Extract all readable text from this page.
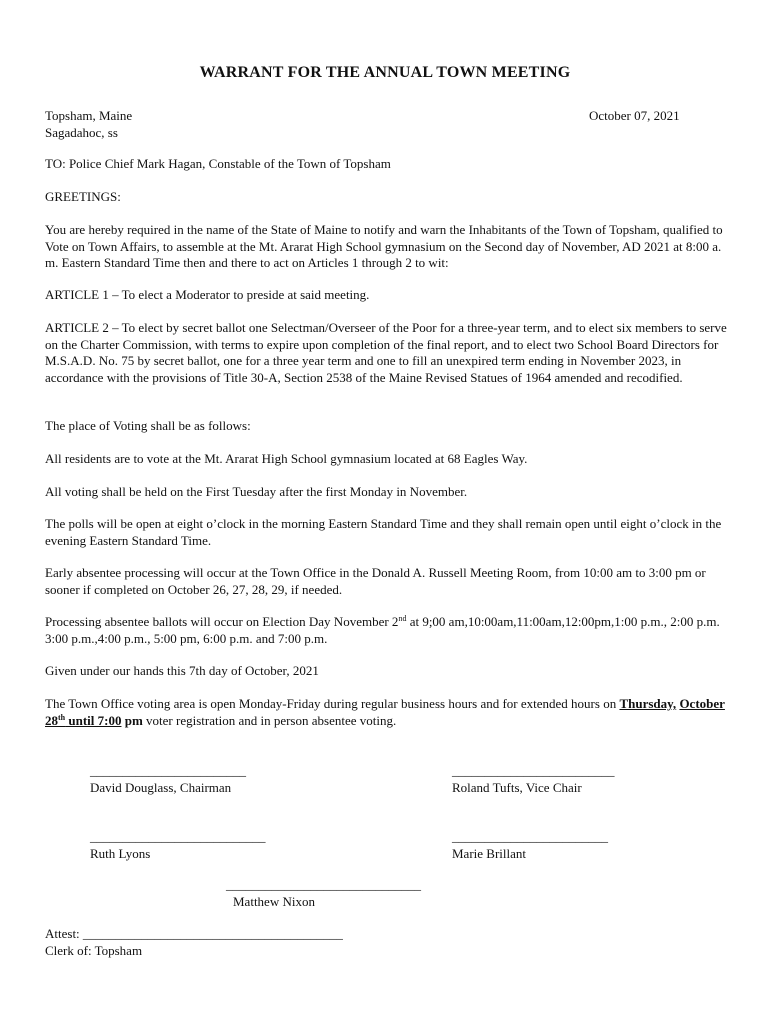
WARRANT FOR THE ANNUAL TOWN MEETING
Topsham, Maine
Sagadahoc, ss
October 07, 2021

TO: Police Chief Mark Hagan, Constable of the Town of Topsham

GREETINGS:

You are hereby required in the name of the State of Maine to notify and warn the Inhabitants of the Town of Topsham, qualified to Vote on Town Affairs, to assemble at the Mt. Ararat High School gymnasium on the Second day of November, AD 2021 at 8:00 a. m. Eastern Standard Time then and there to act on Articles 1 through 2 to wit:

ARTICLE 1 – To elect a Moderator to preside at said meeting.

ARTICLE 2 – To elect by secret ballot one Selectman/Overseer of the Poor for a three-year term, and to elect six members to serve on the Charter Commission, with terms to expire upon completion of the final report, and to elect two School Board Directors for M.S.A.D. No. 75 by secret ballot, one for a three year term and one to fill an unexpired term ending in November 2023, in accordance with the provisions of Title 30-A, Section 2538 of the Maine Revised Statues of 1964 amended and recodified.

The place of Voting shall be as follows:

All residents are to vote at the Mt. Ararat High School gymnasium located at 68 Eagles Way.

All voting shall be held on the First Tuesday after the first Monday in November.

The polls will be open at eight o’clock in the morning Eastern Standard Time and they shall remain open until eight o’clock in the evening Eastern Standard Time.

Early absentee processing will occur at the Town Office in the Donald A. Russell Meeting Room, from 10:00 am to 3:00 pm or sooner if completed on October 26, 27, 28, 29, if needed.

Processing absentee ballots will occur on Election Day November 2nd at 9;00 am,10:00am,11:00am,12:00pm,1:00 p.m., 2:00 p.m. 3:00 p.m.,4:00 p.m., 5:00 pm, 6:00 p.m. and 7:00 p.m.

Given under our hands this 7th day of October, 2021

The Town Office voting area is open Monday-Friday during regular business hours and for extended hours on Thursday, October 28th until 7:00 pm voter registration and in person absentee voting.

________________________
David Douglass, Chairman
_________________________
Roland Tufts, Vice Chair
___________________________
Ruth Lyons
________________________
Marie Brillant
______________________________
Matthew Nixon
Attest: ________________________________________
Clerk of: Topsham
